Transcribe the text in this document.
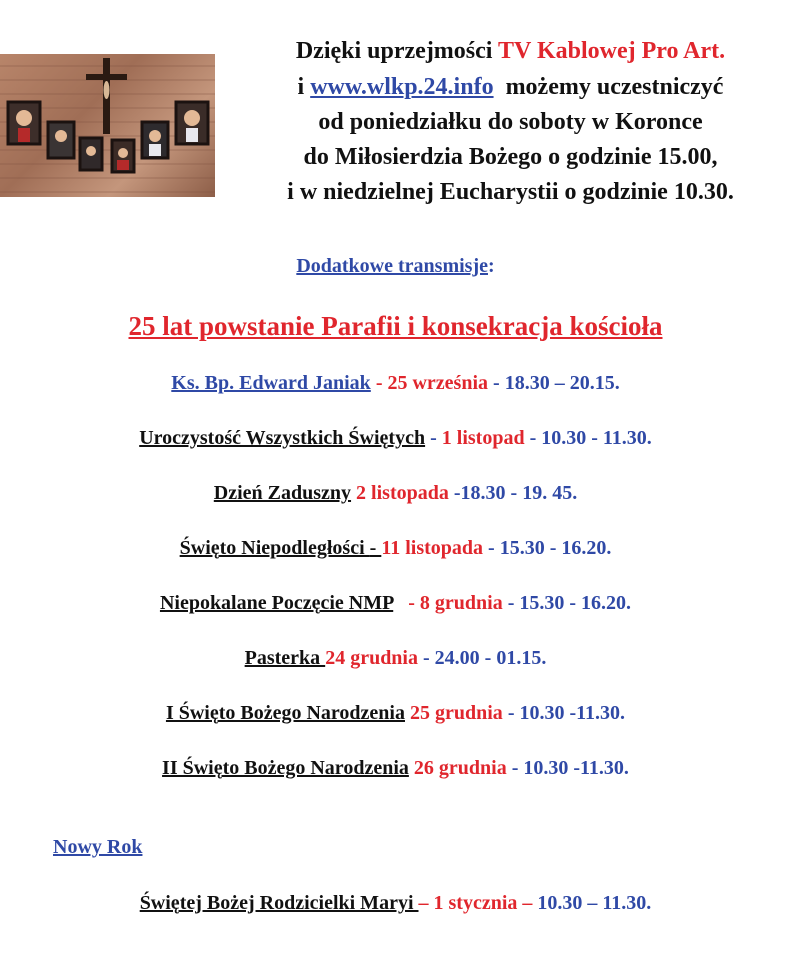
Dzięki uprzejmości TV Kablowej Pro Art.
i www.wlkp.24.info  możemy uczestniczyć
od poniedziałku do soboty w Koronce
do Miłosierdzia Bożego o godzinie 15.00,
i w niedzielnej Eucharystii o godzinie 10.30.
Dodatkowe transmisje:
25 lat powstanie Parafii i konsekracja kościoła
Ks. Bp. Edward Janiak - 25 września - 18.30 – 20.15.
Uroczystość Wszystkich Świętych - 1 listopad - 10.30 - 11.30.
Dzień Zaduszny 2 listopada -18.30 - 19. 45.
Święto Niepodległości - 11 listopada - 15.30 - 16.20.
Niepokalane Poczęcie NMP   - 8 grudnia - 15.30 - 16.20.
Pasterka 24 grudnia - 24.00 - 01.15.
I Święto Bożego Narodzenia 25 grudnia - 10.30 -11.30.
II Święto Bożego Narodzenia 26 grudnia - 10.30 -11.30.
Nowy Rok
Świętej Bożej Rodzicielki Maryi – 1 stycznia – 10.30 – 11.30.
